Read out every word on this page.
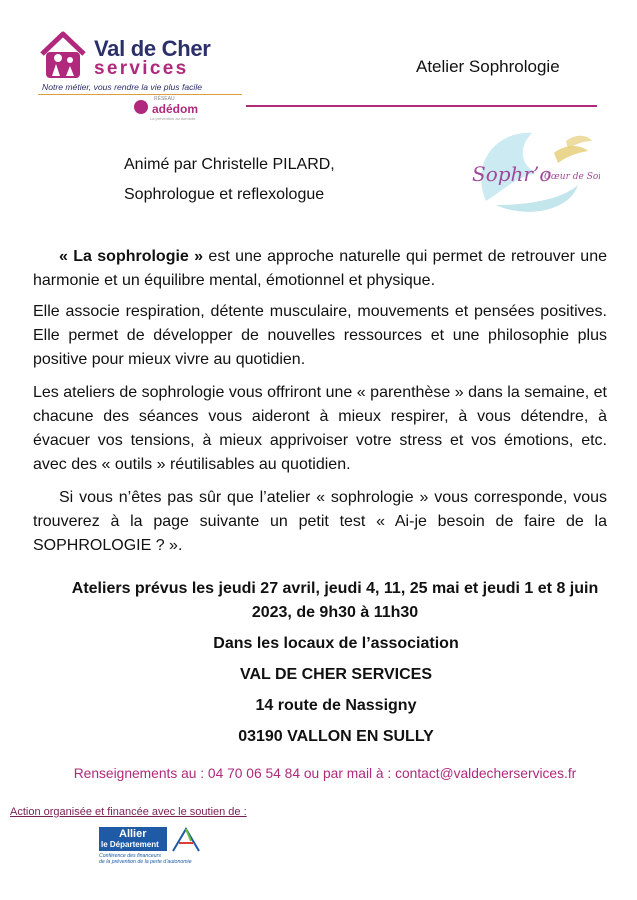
Val de Cher
services
Notre métier, vous rendre la vie plus facile
RÉSEAU
adédom
La prévention au domicile
Atelier Sophrologie
Animé par Christelle PILARD,
Sophrologue et reflexologue
Sophr’o
Cœur de Soi

« La sophrologie » est une approche naturelle qui permet de retrouver une harmonie et un équilibre mental, émotionnel et physique.

Elle associe respiration, détente musculaire, mouvements et pensées positives. Elle permet de développer de nouvelles ressources et une philosophie plus positive pour mieux vivre au quotidien.

Les ateliers de sophrologie vous offriront une « parenthèse » dans la semaine, et chacune des séances vous aideront à mieux respirer, à vous détendre, à évacuer vos tensions, à mieux apprivoiser votre stress et vos émotions, etc. avec des « outils » réutilisables au quotidien.

Si vous n’êtes pas sûr que l’atelier « sophrologie » vous corresponde, vous trouverez à la page suivante un petit test « Ai-je besoin de faire de la SOPHROLOGIE ? ».

Ateliers prévus les jeudi 27 avril, jeudi 4, 11, 25 mai et jeudi 1 et 8 juin 2023, de 9h30 à 11h30
Dans les locaux de l’association
VAL DE CHER SERVICES
14 route de Nassigny
03190 VALLON EN SULLY
Renseignements au : 04 70 06 54 84 ou par mail à : contact@valdecherservices.fr
Action organisée et financée avec le soutien de :
Allier
le Département
Conférence des financeurs
de la prévention de la perte d’autonomie
